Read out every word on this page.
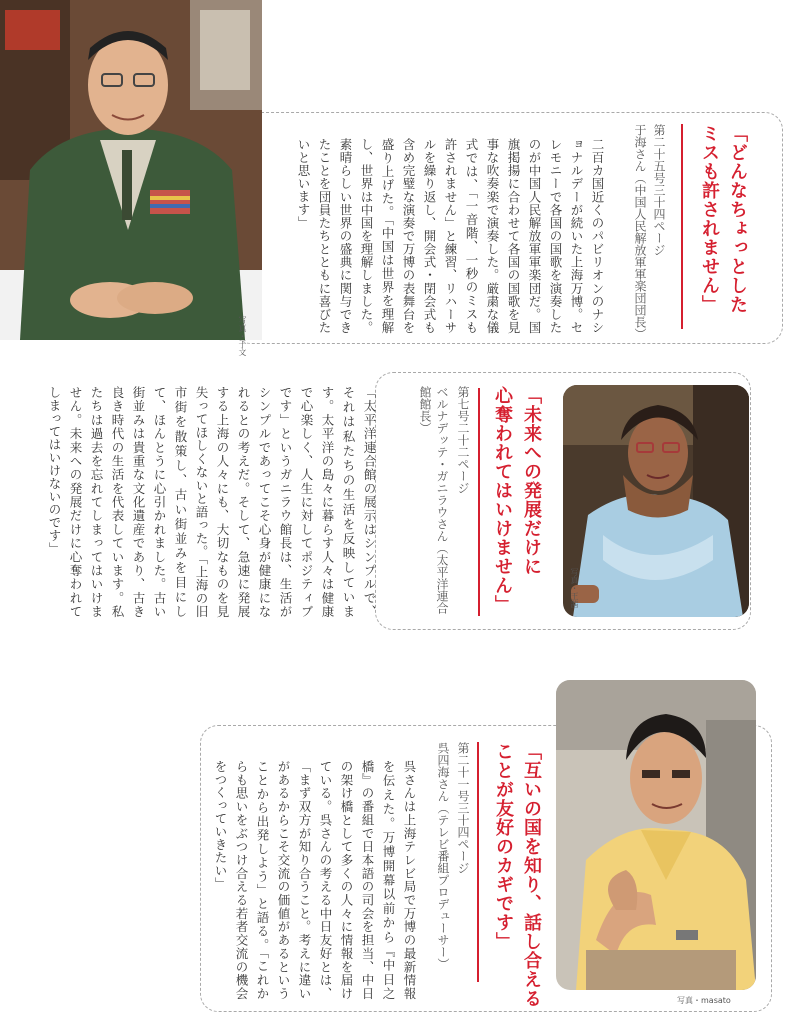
写真・于文
「どんなちょっとした
ミスも許されません」
第二十五号三十四ページ
于海さん（中国人民解放軍軍楽団団長）
二百カ国近くのパビリオンのナショナルデーが続いた上海万博。セレモニーで各国の国歌を演奏したのが中国人民解放軍軍楽団だ。国旗掲揚に合わせて各国の国歌を見事な吹奏楽で演奏した。厳粛な儀式では、「一音階、一秒のミスも許されません」と練習、リハーサルを繰り返し、開会式・閉会式も含め完璧な演奏で万博の表舞台を盛り上げた。「中国は世界を理解し、世界は中国を理解しました。素晴らしい世界の盛典に関与できたことを団員たちとともに喜びたいと思います」
写真・王茜
「未来への発展だけに
心奪われてはいけません」
第七号二十二ページ
ベルナデッテ・ガニラウさん（太平洋連合館館長）
「太平洋連合館の展示はシンプルで、それは私たちの生活を反映しています。太平洋の島々に暮らす人々は健康で心楽しく、人生に対してポジティブです」というガニラウ館長は、生活がシンプルであってこそ心身が健康になれるとの考えだ。そして、急速に発展する上海の人々にも、大切なものを見失ってほしくないと語った。「上海の旧市街を散策し、古い街並みを目にして、ほんとうに心引かれました。古い街並みは貴重な文化遺産であり、古き良き時代の生活を代表しています。私たちは過去を忘れてしまってはいけません。未来への発展だけに心奪われてしまってはいけないのです」
写真・masato
「互いの国を知り、話し合える
ことが友好のカギです」
第二十一号三十四ページ
呉四海さん（テレビ番組プロデューサー）
呉さんは上海テレビ局で万博の最新情報を伝えた。万博開幕以前から『中日之橋』の番組で日本語の司会を担当、中日の架け橋として多くの人々に情報を届けている。呉さんの考える中日友好とは、「まず双方が知り合うこと。考えに違いがあるからこそ交流の価値があるということから出発しよう」と語る。「これからも思いをぶつけ合える若者交流の機会をつくっていきたい」
